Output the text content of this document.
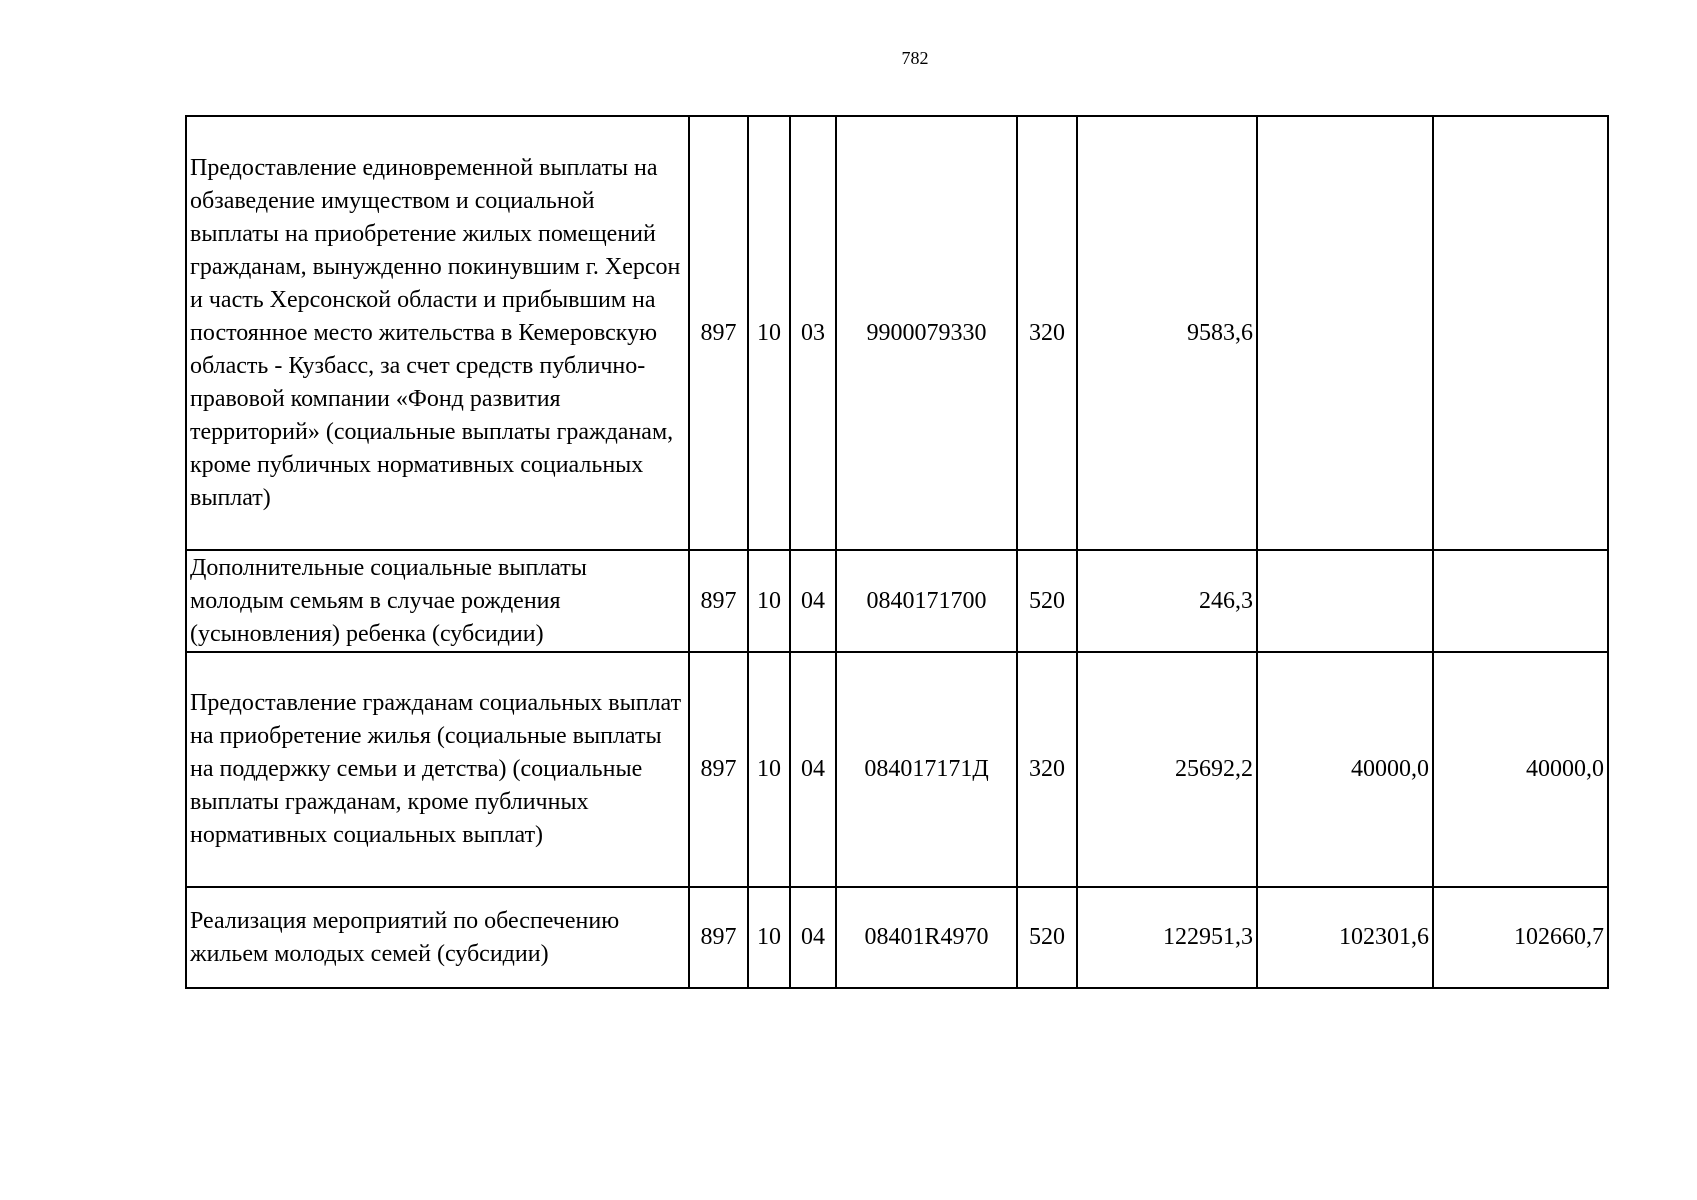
782
Предоставление единовременной выплаты на обзаведение имуществом и социальной выплаты на приобретение жилых помещений гражданам, вынужденно покинувшим г. Херсон и часть Херсонской области и прибывшим на постоянное место жительства в Кемеровскую область - Кузбасс, за счет средств публично-правовой компании «Фонд развития территорий» (социальные выплаты гражданам, кроме публичных нормативных социальных выплат)	897	10	03	9900079330	320	9583,6		
Дополнительные социальные выплаты молодым семьям в случае рождения (усыновления) ребенка (субсидии)	897	10	04	0840171700	520	246,3		
Предоставление гражданам социальных выплат на приобретение жилья (социальные выплаты на поддержку семьи и детства) (социальные выплаты гражданам, кроме публичных нормативных социальных выплат)	897	10	04	084017171Д	320	25692,2	40000,0	40000,0
Реализация мероприятий по обеспечению жильем молодых семей (субсидии)	897	10	04	08401R4970	520	122951,3	102301,6	102660,7
